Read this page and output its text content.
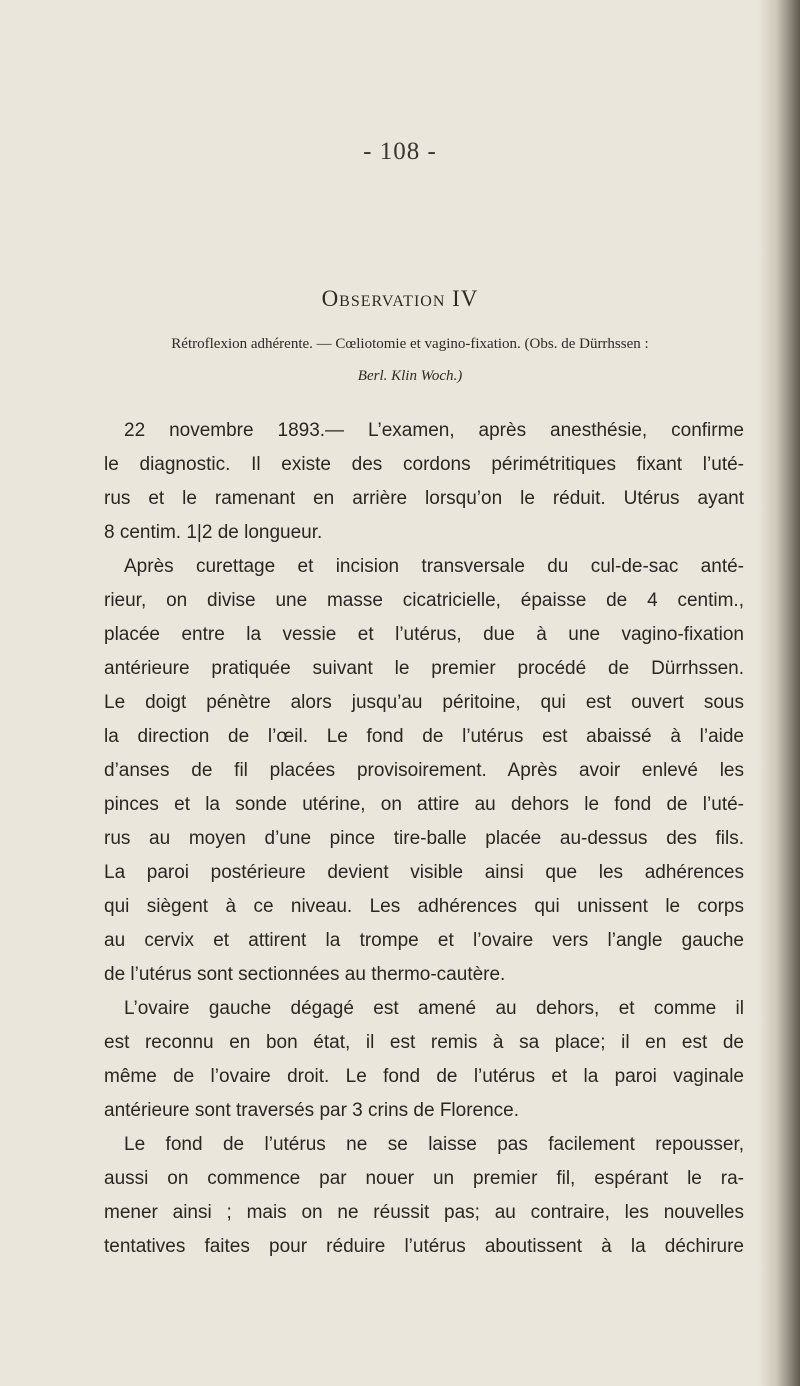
- 108 -
Observation IV
Rétroflexion adhérente. — Cœliotomie et vagino-fixation. (Obs. de Dürrhssen :
Berl. Klin Woch.)
22 novembre 1893.— L’examen, après anesthésie, confirme
le diagnostic. Il existe des cordons périmétritiques fixant l’uté-
rus et le ramenant en arrière lorsqu’on le réduit. Utérus ayant
8 centim. 1|2 de longueur.
Après curettage et incision transversale du cul-de-sac anté-
rieur, on divise une masse cicatricielle, épaisse de 4 centim.,
placée entre la vessie et l’utérus, due à une vagino-fixation
antérieure pratiquée suivant le premier procédé de Dürrhssen.
Le doigt pénètre alors jusqu’au péritoine, qui est ouvert sous
la direction de l’œil. Le fond de l’utérus est abaissé à l’aide
d’anses de fil placées provisoirement. Après avoir enlevé les
pinces et la sonde utérine, on attire au dehors le fond de l’uté-
rus au moyen d’une pince tire-balle placée au-dessus des fils.
La paroi postérieure devient visible ainsi que les adhérences
qui siègent à ce niveau. Les adhérences qui unissent le corps
au cervix et attirent la trompe et l’ovaire vers l’angle gauche
de l’utérus sont sectionnées au thermo-cautère.
L’ovaire gauche dégagé est amené au dehors, et comme il
est reconnu en bon état, il est remis à sa place; il en est de
même de l’ovaire droit. Le fond de l’utérus et la paroi vaginale
antérieure sont traversés par 3 crins de Florence.
Le fond de l’utérus ne se laisse pas facilement repousser,
aussi on commence par nouer un premier fil, espérant le ra-
mener ainsi ; mais on ne réussit pas; au contraire, les nouvelles
tentatives faites pour réduire l’utérus aboutissent à la déchirure
